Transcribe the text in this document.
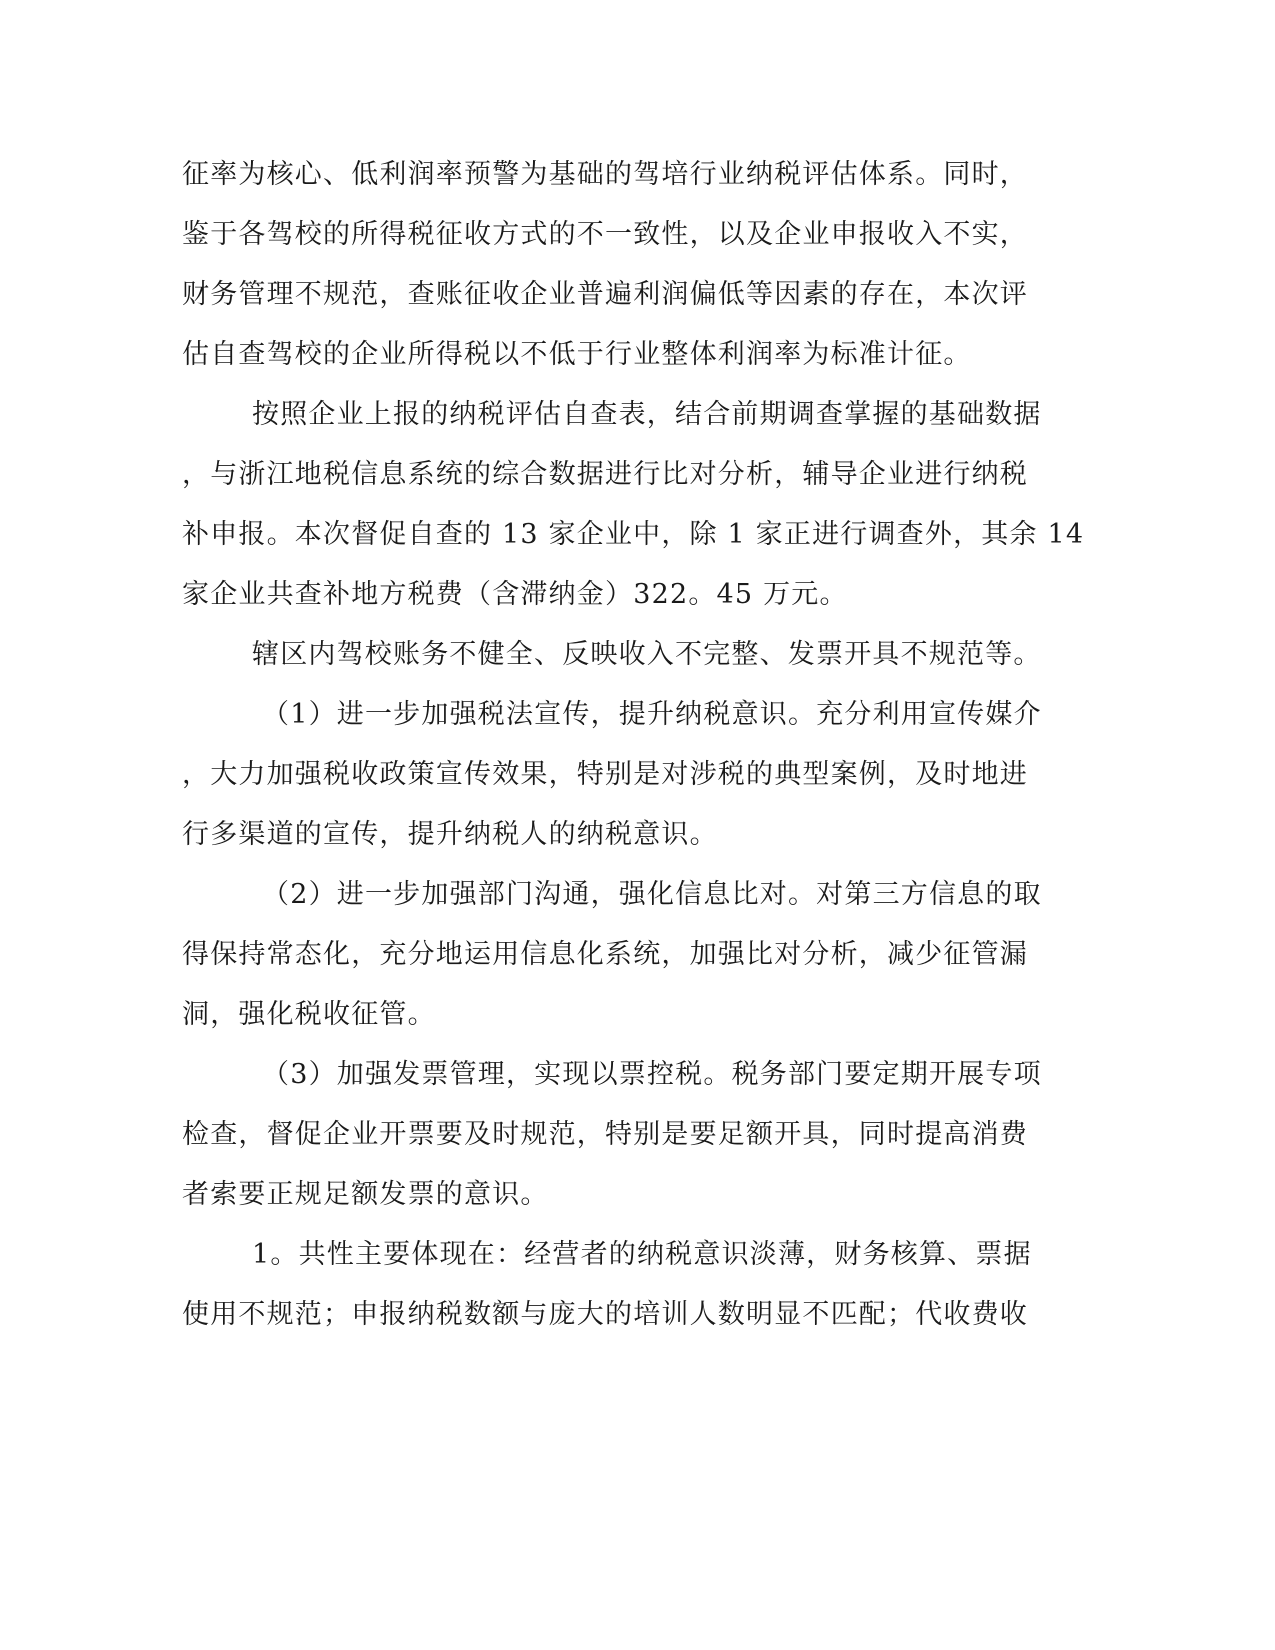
征率为核心、低利润率预警为基础的驾培行业纳税评估体系。同时，
鉴于各驾校的所得税征收方式的不一致性，以及企业申报收入不实，
财务管理不规范，查账征收企业普遍利润偏低等因素的存在，本次评
估自查驾校的企业所得税以不低于行业整体利润率为标准计征。
按照企业上报的纳税评估自查表，结合前期调查掌握的基础数据
，与浙江地税信息系统的综合数据进行比对分析，辅导企业进行纳税
补申报。本次督促自查的 13 家企业中，除 1 家正进行调查外，其余 14
家企业共查补地方税费（含滞纳金）322。45 万元。
辖区内驾校账务不健全、反映收入不完整、发票开具不规范等。
（1）进一步加强税法宣传，提升纳税意识。充分利用宣传媒介
，大力加强税收政策宣传效果，特别是对涉税的典型案例，及时地进
行多渠道的宣传，提升纳税人的纳税意识。
（2）进一步加强部门沟通，强化信息比对。对第三方信息的取
得保持常态化，充分地运用信息化系统，加强比对分析，减少征管漏
洞，强化税收征管。
（3）加强发票管理，实现以票控税。税务部门要定期开展专项
检查，督促企业开票要及时规范，特别是要足额开具，同时提高消费
者索要正规足额发票的意识。
1。共性主要体现在：经营者的纳税意识淡薄，财务核算、票据
使用不规范；申报纳税数额与庞大的培训人数明显不匹配；代收费收
